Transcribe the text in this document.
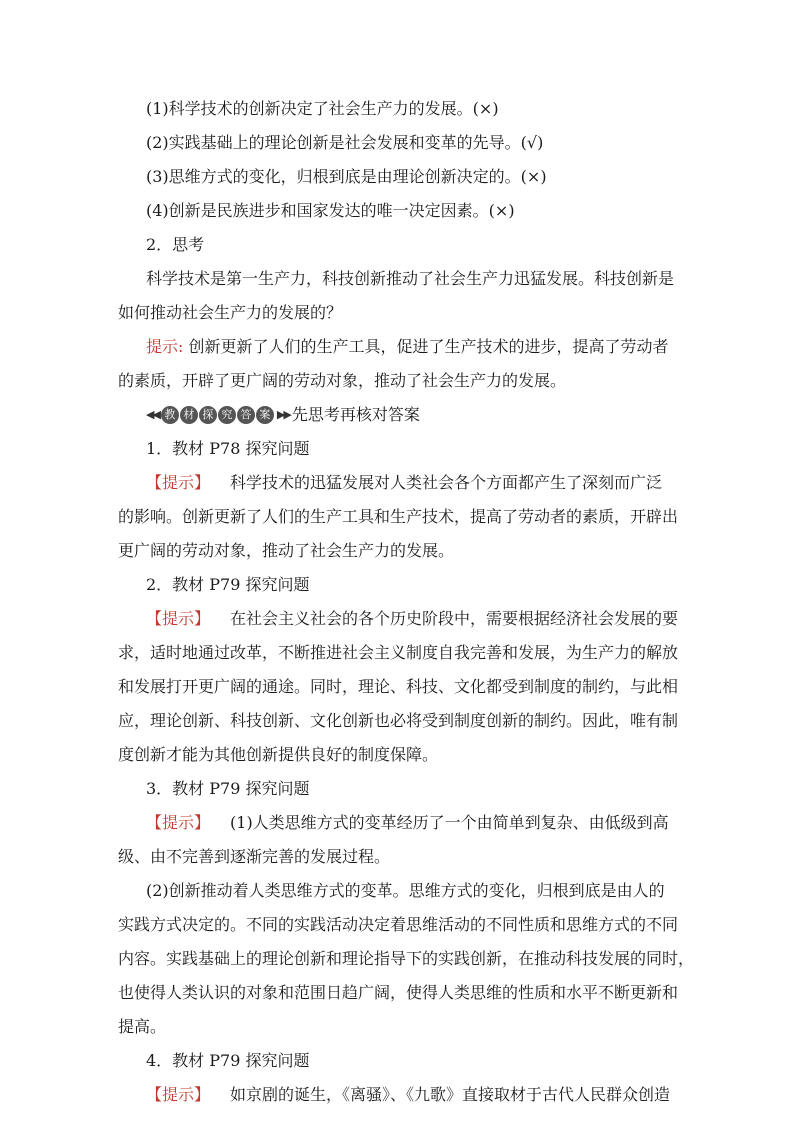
(1)科学技术的创新决定了社会生产力的发展。(×)

(2)实践基础上的理论创新是社会发展和变革的先导。(√)

(3)思维方式的变化，归根到底是由理论创新决定的。(×)

(4)创新是民族进步和国家发达的唯一决定因素。(×)

2．思考

科学技术是第一生产力，科技创新推动了社会生产力迅猛发展。科技创新是

如何推动社会生产力的发展的？

提示: 创新更新了人们的生产工具，促进了生产技术的进步，提高了劳动者

的素质，开辟了更广阔的劳动对象，推动了社会生产力的发展。

◀◀ 教 材 探 究 答 案 ▶▶ 先思考再核对答案

1．教材 P78 探究问题

【提示】 科学技术的迅猛发展对人类社会各个方面都产生了深刻而广泛

的影响。创新更新了人们的生产工具和生产技术，提高了劳动者的素质，开辟出

更广阔的劳动对象，推动了社会生产力的发展。

2．教材 P79 探究问题

【提示】 在社会主义社会的各个历史阶段中，需要根据经济社会发展的要

求，适时地通过改革，不断推进社会主义制度自我完善和发展，为生产力的解放

和发展打开更广阔的通途。同时，理论、科技、文化都受到制度的制约，与此相

应，理论创新、科技创新、文化创新也必将受到制度创新的制约。因此，唯有制

度创新才能为其他创新提供良好的制度保障。

3．教材 P79 探究问题

【提示】 (1)人类思维方式的变革经历了一个由简单到复杂、由低级到高

级、由不完善到逐渐完善的发展过程。

(2)创新推动着人类思维方式的变革。思维方式的变化，归根到底是由人的

实践方式决定的。不同的实践活动决定着思维活动的不同性质和思维方式的不同

内容。实践基础上的理论创新和理论指导下的实践创新，在推动科技发展的同时，

也使得人类认识的对象和范围日趋广阔，使得人类思维的性质和水平不断更新和

提高。

4．教材 P79 探究问题

【提示】 如京剧的诞生，《离骚》、《九歌》直接取材于古代人民群众创造
